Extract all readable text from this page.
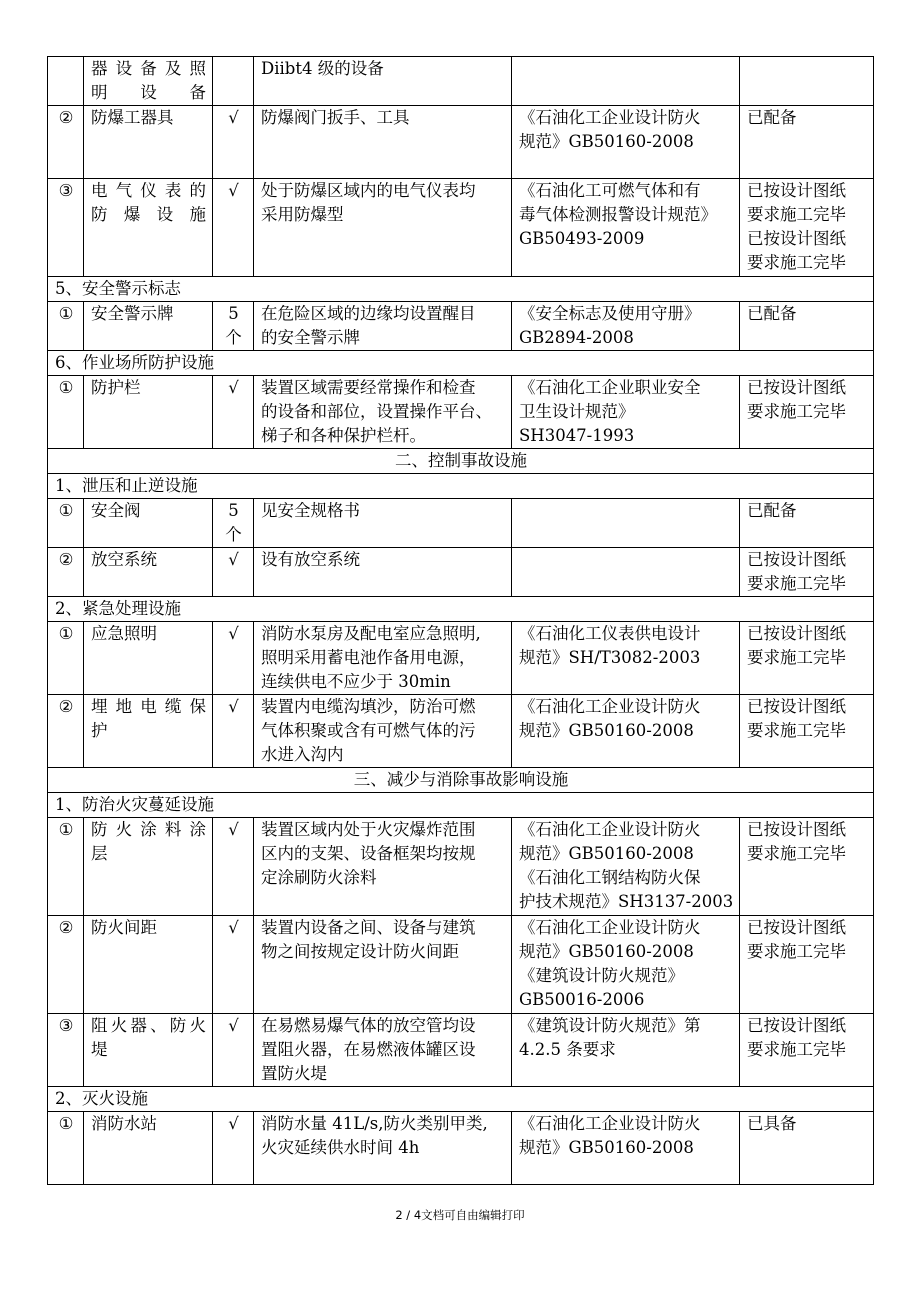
	器设备及照
明设备		Diibt4 级的设备		

②	防爆工器具	√	防爆阀门扳手、工具	《石油化工企业设计防火
规范》GB50160-2008	已配备

③	电气仪表的
防爆设施	√	处于防爆区域内的电气仪表均
采用防爆型	《石油化工可燃气体和有
毒气体检测报警设计规范》
GB50493-2009	已按设计图纸
要求施工完毕
已按设计图纸
要求施工完毕

5、安全警示标志					
①	安全警示牌	5
个	在危险区域的边缘均设置醒目
的安全警示牌	《安全标志及使用守册》
GB2894-2008	已配备

6、作业场所防护设施					
①	防护栏	√	装置区域需要经常操作和检查
的设备和部位，设置操作平台、
梯子和各种保护栏杆。	《石油化工企业职业安全
卫生设计规范》
SH3047-1993	已按设计图纸
要求施工完毕

二、控制事故设施					
1、泄压和止逆设施					
①	安全阀	5
个	见安全规格书		已配备

②	放空系统	√	设有放空系统		已按设计图纸
要求施工完毕

2、紧急处理设施					
①	应急照明	√	消防水泵房及配电室应急照明,
照明采用蓄电池作备用电源，
连续供电不应少于 30min	《石油化工仪表供电设计
规范》SH/T3082-2003	已按设计图纸
要求施工完毕

②	埋地电缆保
护	√	装置内电缆沟填沙，防治可燃
气体积聚或含有可燃气体的污
水进入沟内	《石油化工企业设计防火
规范》GB50160-2008	已按设计图纸
要求施工完毕

三、减少与消除事故影响设施					
1、防治火灾蔓延设施					
①	防火涂料涂
层	√	装置区域内处于火灾爆炸范围
区内的支架、设备框架均按规
定涂刷防火涂料	《石油化工企业设计防火
规范》GB50160-2008
《石油化工钢结构防火保
护技术规范》SH3137-2003	已按设计图纸
要求施工完毕

②	防火间距	√	装置内设备之间、设备与建筑
物之间按规定设计防火间距	《石油化工企业设计防火
规范》GB50160-2008
《建筑设计防火规范》
GB50016-2006	已按设计图纸
要求施工完毕

③	阻火器、防火
堤	√	在易燃易爆气体的放空管均设
置阻火器，在易燃液体罐区设
置防火堤	《建筑设计防火规范》第
4.2.5 条要求	已按设计图纸
要求施工完毕

2、灭火设施					
①	消防水站	√	消防水量 41L/s,防火类别甲类,
火灾延续供水时间 4h	《石油化工企业设计防火
规范》GB50160-2008	已具备
2 / 4文档可自由编辑打印
